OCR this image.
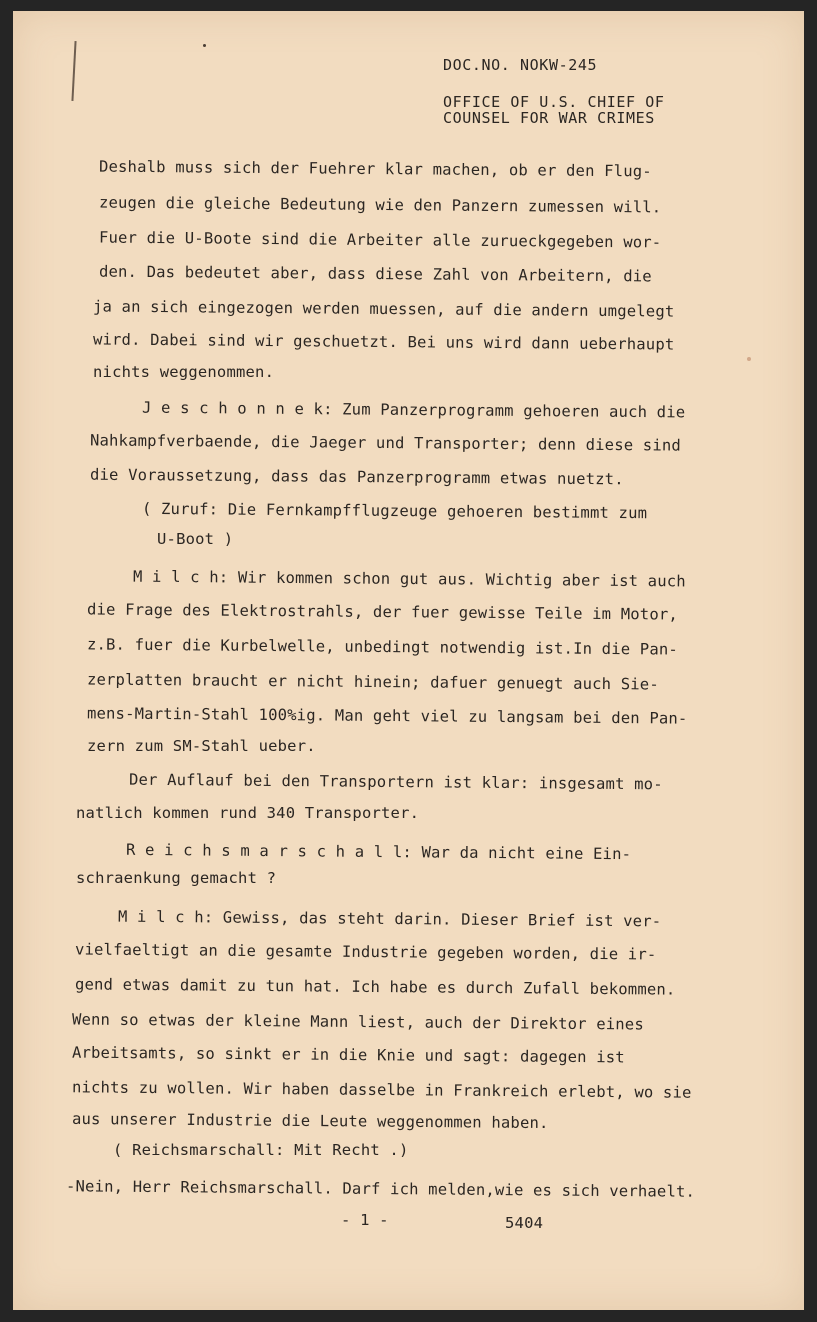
DOC.NO. NOKW-245
OFFICE OF U.S. CHIEF OF
COUNSEL FOR WAR CRIMES
Deshalb muss sich der Fuehrer klar machen, ob er den Flug-
zeugen die gleiche Bedeutung wie den Panzern zumessen will.
Fuer die U-Boote sind die Arbeiter alle zurueckgegeben wor-
den. Das bedeutet aber, dass diese Zahl von Arbeitern, die
ja an sich eingezogen werden muessen, auf die andern umgelegt
wird. Dabei sind wir geschuetzt. Bei uns wird dann ueberhaupt
nichts weggenommen.
J e s c h o n n e k: Zum Panzerprogramm gehoeren auch die
Nahkampfverbaende, die Jaeger und Transporter; denn diese sind
die Voraussetzung, dass das Panzerprogramm etwas nuetzt.
( Zuruf: Die Fernkampfflugzeuge gehoeren bestimmt zum
U-Boot )
M i l c h: Wir kommen schon gut aus. Wichtig aber ist auch
die Frage des Elektrostrahls, der fuer gewisse Teile im Motor,
z.B. fuer die Kurbelwelle, unbedingt notwendig ist.In die Pan-
zerplatten braucht er nicht hinein; dafuer genuegt auch Sie-
mens-Martin-Stahl 100%ig. Man geht viel zu langsam bei den Pan-
zern zum SM-Stahl ueber.
Der Auflauf bei den Transportern ist klar: insgesamt mo-
natlich kommen rund 340 Transporter.
R e i c h s m a r s c h a l l: War da nicht eine Ein-
schraenkung gemacht ?
M i l c h: Gewiss, das steht darin. Dieser Brief ist ver-
vielfaeltigt an die gesamte Industrie gegeben worden, die ir-
gend etwas damit zu tun hat. Ich habe es durch Zufall bekommen.
Wenn so etwas der kleine Mann liest, auch der Direktor eines
Arbeitsamts, so sinkt er in die Knie und sagt: dagegen ist
nichts zu wollen. Wir haben dasselbe in Frankreich erlebt, wo sie
aus unserer Industrie die Leute weggenommen haben.
( Reichsmarschall: Mit Recht .)
-Nein, Herr Reichsmarschall. Darf ich melden,wie es sich verhaelt.
- 1 -	5404
